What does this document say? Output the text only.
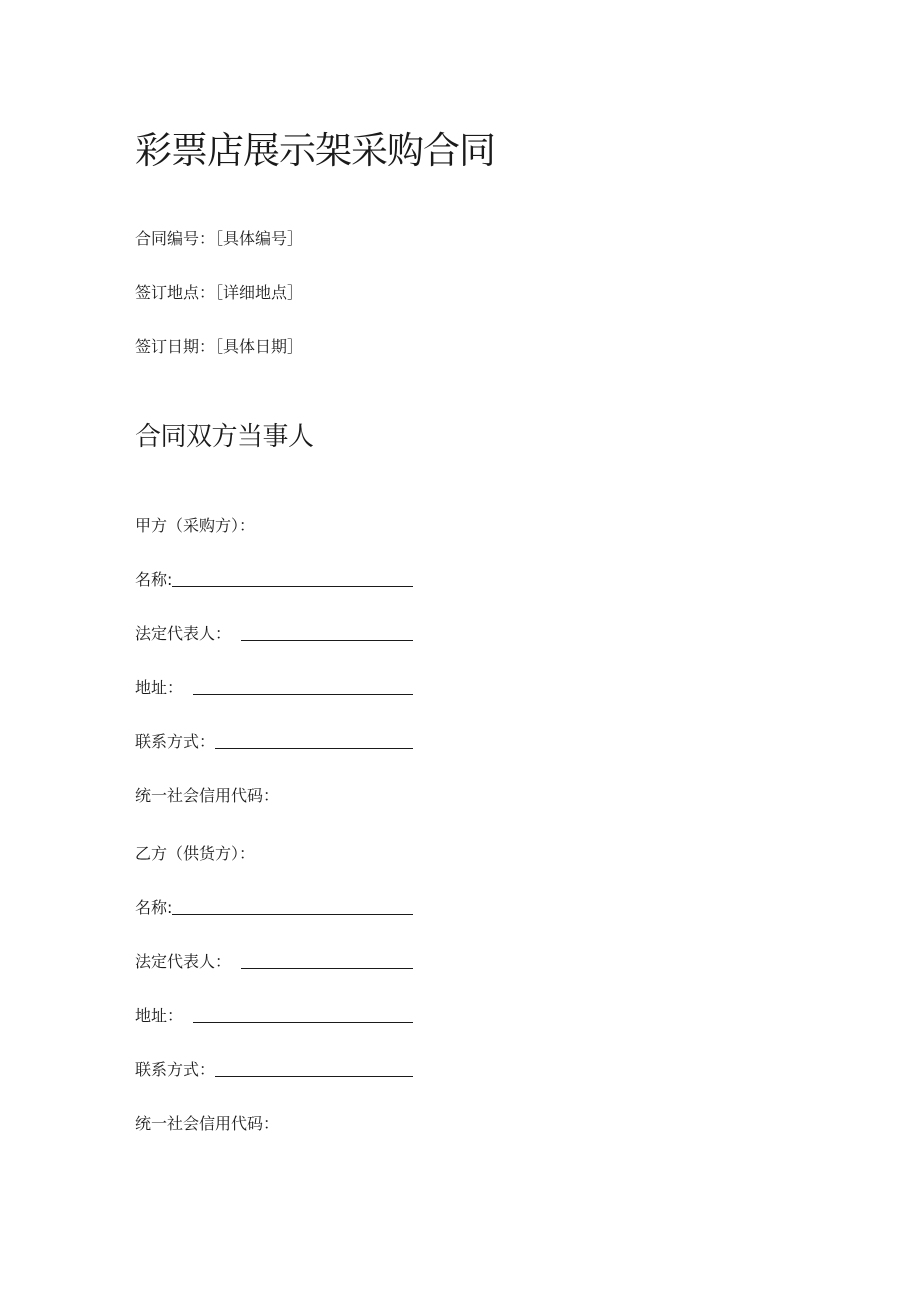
彩票店展示架采购合同
合同编号：［具体编号］
签订地点：［详细地点］
签订日期：［具体日期］
合同双方当事人
甲方（采购方）：
名称:
法定代表人：
地址：
联系方式：
统一社会信用代码：
乙方（供货方）：
名称:
法定代表人：
地址：
联系方式：
统一社会信用代码：
